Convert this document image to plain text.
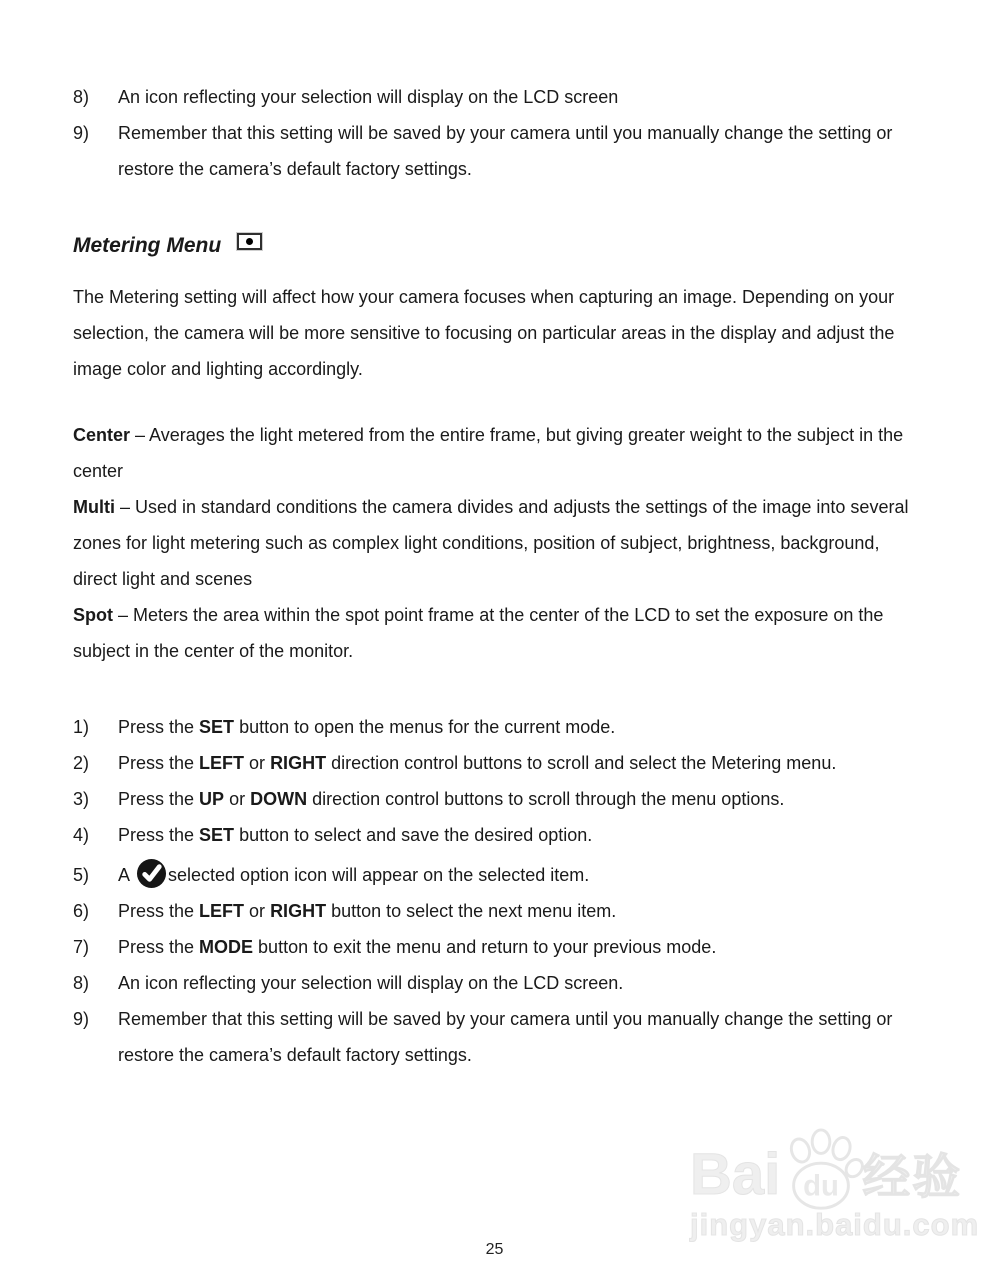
8)	An icon reflecting your selection will display on the LCD screen
9)	Remember that this setting will be saved by your camera until you manually change the setting or restore the camera’s default factory settings.
Metering Menu

The Metering setting will affect how your camera focuses when capturing an image. Depending on your selection, the camera will be more sensitive to focusing on particular areas in the display and adjust the image color and lighting accordingly.

Center – Averages the light metered from the entire frame, but giving greater weight to the subject in the center

Multi – Used in standard conditions the camera divides and adjusts the settings of the image into several zones for light metering such as complex light conditions, position of subject, brightness, background, direct light and scenes

Spot – Meters the area within the spot point frame at the center of the LCD to set the exposure on the subject in the center of the monitor.

1)	Press the SET button to open the menus for the current mode.
2)	Press the LEFT or RIGHT direction control buttons to scroll and select the Metering menu.
3)	Press the UP or DOWN direction control buttons to scroll through the menu options.
4)	Press the SET button to select and save the desired option.
5)	A selected option icon will appear on the selected item.
6)	Press the LEFT or RIGHT button to select the next menu item.
7)	Press the MODE button to exit the menu and return to your previous mode.
8)	An icon reflecting your selection will display on the LCD screen.
9)	Remember that this setting will be saved by your camera until you manually change the setting or restore the camera’s default factory settings.
Bai du 经验
jingyan.baidu.com
25
